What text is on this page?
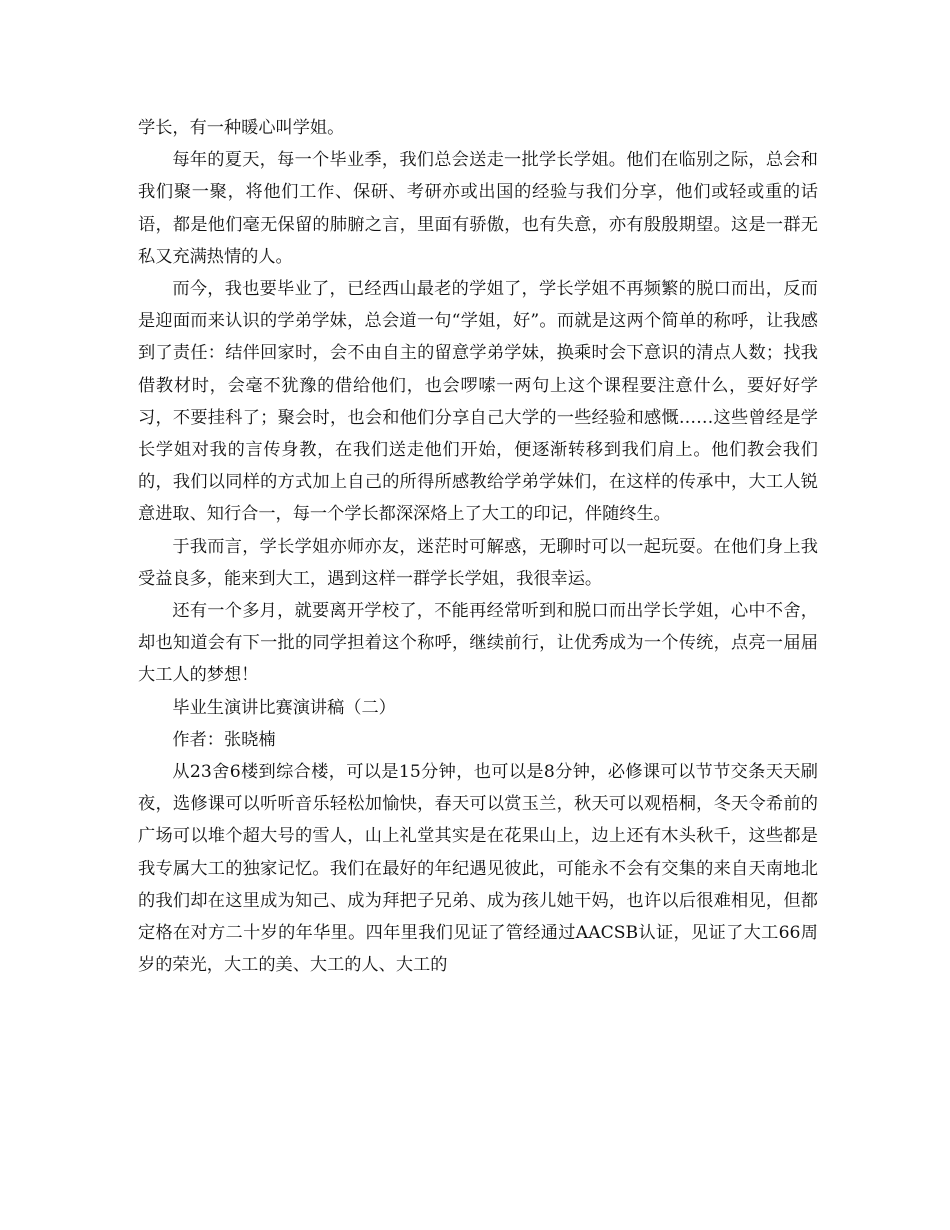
学长，有一种暖心叫学姐。

每年的夏天，每一个毕业季，我们总会送走一批学长学姐。他们在临别之际，总会和我们聚一聚，将他们工作、保研、考研亦或出国的经验与我们分享，他们或轻或重的话语，都是他们毫无保留的肺腑之言，里面有骄傲，也有失意，亦有殷殷期望。这是一群无私又充满热情的人。

而今，我也要毕业了，已经西山最老的学姐了，学长学姐不再频繁的脱口而出，反而是迎面而来认识的学弟学妹，总会道一句“学姐，好”。而就是这两个简单的称呼，让我感到了责任：结伴回家时，会不由自主的留意学弟学妹，换乘时会下意识的清点人数；找我借教材时，会毫不犹豫的借给他们，也会啰嗦一两句上这个课程要注意什么，要好好学习，不要挂科了；聚会时，也会和他们分享自己大学的一些经验和感慨……这些曾经是学长学姐对我的言传身教，在我们送走他们开始，便逐渐转移到我们肩上。他们教会我们的，我们以同样的方式加上自己的所得所感教给学弟学妹们，在这样的传承中，大工人锐意进取、知行合一，每一个学长都深深烙上了大工的印记，伴随终生。

于我而言，学长学姐亦师亦友，迷茫时可解惑，无聊时可以一起玩耍。在他们身上我受益良多，能来到大工，遇到这样一群学长学姐，我很幸运。

还有一个多月，就要离开学校了，不能再经常听到和脱口而出学长学姐，心中不舍，却也知道会有下一批的同学担着这个称呼，继续前行，让优秀成为一个传统，点亮一届届大工人的梦想！

毕业生演讲比赛演讲稿（二）

作者：张晓楠

从23舍6楼到综合楼，可以是15分钟，也可以是8分钟，必修课可以节节交条天天刷夜，选修课可以听听音乐轻松加愉快，春天可以赏玉兰，秋天可以观梧桐，冬天令希前的广场可以堆个超大号的雪人，山上礼堂其实是在花果山上，边上还有木头秋千，这些都是我专属大工的独家记忆。我们在最好的年纪遇见彼此，可能永不会有交集的来自天南地北的我们却在这里成为知己、成为拜把子兄弟、成为孩儿她干妈，也许以后很难相见，但都定格在对方二十岁的年华里。四年里我们见证了管经通过AACSB认证，见证了大工66周岁的荣光，大工的美、大工的人、大工的
